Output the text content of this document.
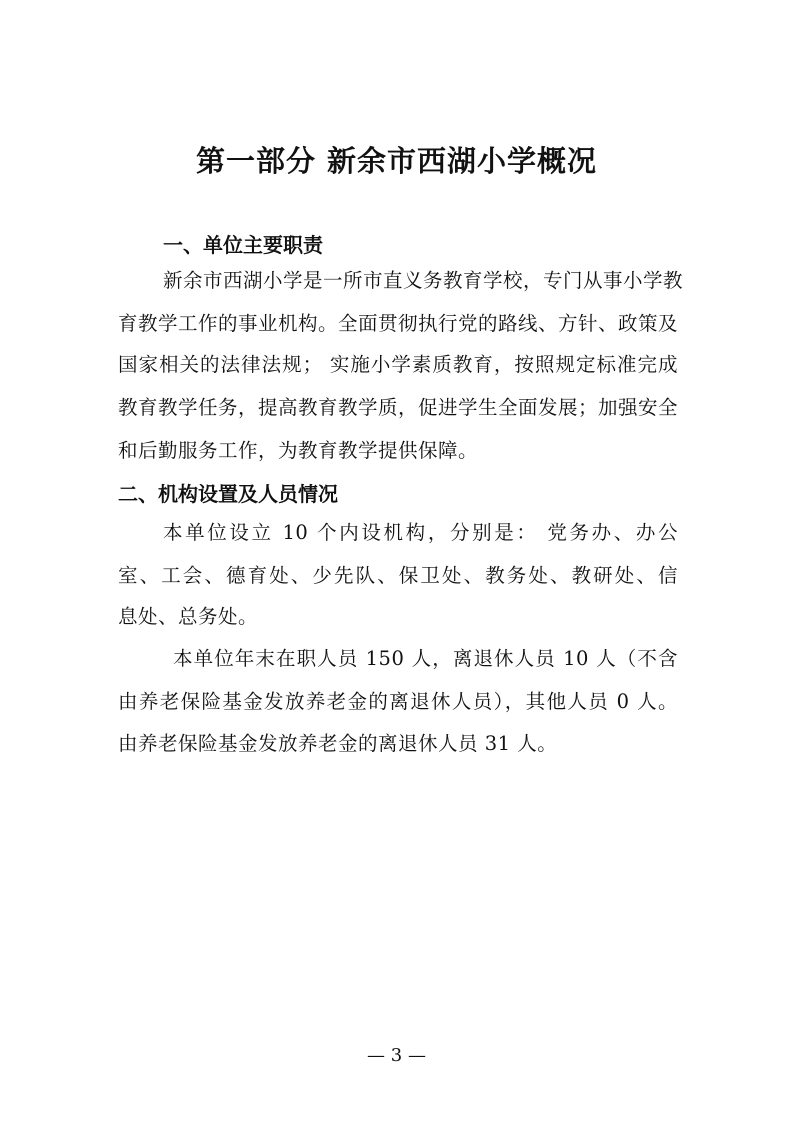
第一部分 新余市西湖小学概况
一、单位主要职责
新余市西湖小学是一所市直义务教育学校，专门从事小学教
育教学工作的事业机构。全面贯彻执行党的路线、方针、政策及
国家相关的法律法规； 实施小学素质教育，按照规定标准完成
教育教学任务，提高教育教学质，促进学生全面发展；加强安全
和后勤服务工作，为教育教学提供保障。
二、机构设置及人员情况
本单位设立 10 个内设机构，分别是： 党务办、办公
室、工会、德育处、少先队、保卫处、教务处、教研处、信
息处、总务处。
本单位年末在职人员 150 人，离退休人员 10 人（不含
由养老保险基金发放养老金的离退休人员），其他人员 0 人。
由养老保险基金发放养老金的离退休人员 31 人。
— 3 —
